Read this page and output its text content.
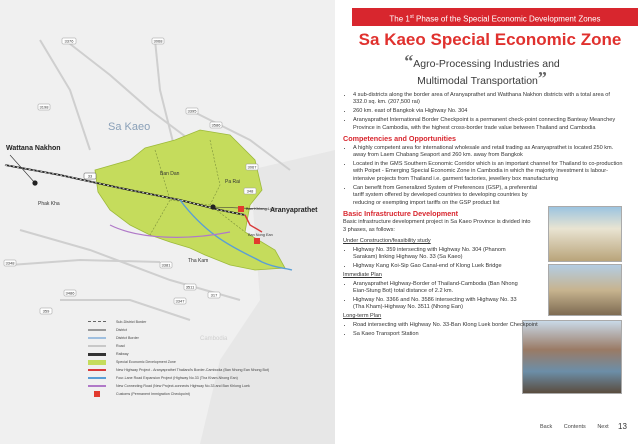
3376	3068
3198
3395
3586
3067
33
348
3348	3381
3511
3486
3347
317
359
Sa Kaeo
Wattana Nakhon
Aranyaprathet
Ban Dan
Pa Rai
Phak Kha
Tha Kam
Ban Nong Ean
Cambodia
Ban Khlong Luek
Sub-District Border
District
District Border
Road
Railway
Special Economic Development Zone
New Highway Project - Aranyaprathet Thailand's Border-Cambodia (Ban Nhong Ean Nhong Bot)
Four-Lane Road Expansion Project (Highway No.33 (Tha Kham-Nhong Ean)
New Connecting Road (New Project-connects Highway No.33 and Ban Khlong Luek
Customs (Permanent Immigration Checkpoint)
The 1st Phase of the Special Economic Development Zones
Sa Kaeo Special Economic Zone
“Agro-Processing Industries and
Multimodal Transportation”
• 4 sub-districts along the border area of Aranyaprathet and Watthana Nakhon districts with a total area of 332.0 sq. km. (207,500 rai)
• 260 km. east of Bangkok via Highway No. 304
• Aranyaprathet International Border Checkpoint is a permanent check-point connecting Banteay Meanchey Province in Cambodia, with the highest cross-border trade value between Thailand and Cambodia
Competencies and Opportunities
• A highly competent area for international wholesale and retail trading as Aranyaprathet is located 250 km. away from Laem Chabang Seaport and 260 km. away from Bangkok
• Located in the GMS Southern Economic Corridor which is an important channel for Thailand to co-production with Poipet - Emerging Special Economic Zone in Cambodia in which the majority investment is labour-intensive projects from Thailand i.e. garment factories, jewellery box manufacturing
• Can benefit from Generalized System of Preferences (GSP), a preferential tariff system offered by developed countries to developing countries by reducing or exempting import tariffs on the GSP product list
Basic Infrastructure Development

Basic infrastructure development project in Sa Kaeo Province is divided into 3 phases, as follows:

Under Construction/feasibility study

• Highway No. 359 intersecting with Highway No. 304 (Phanom Sarakam) linking Highway No. 33 (Sa Kaeo)
• Highway Kang Koi-Sip Gao Canal-end of Klong Luek Bridge

Immediate Plan

• Aranyaprathet Highway-Border of Thailand-Cambodia (Ban Nhong Eian-Stung Bot) total distance of 2.2 km.
• Highway No. 3366 and No. 3586 intersecting with Highway No. 33 (Tha Kham)-Highway No. 3511 (Nhong Ean)

Long-term Plan

• Road intersecting with Highway No. 33-Ban Klong Luek border Checkpoint
• Sa Kaeo Transport Station
Back Contents Next	13
